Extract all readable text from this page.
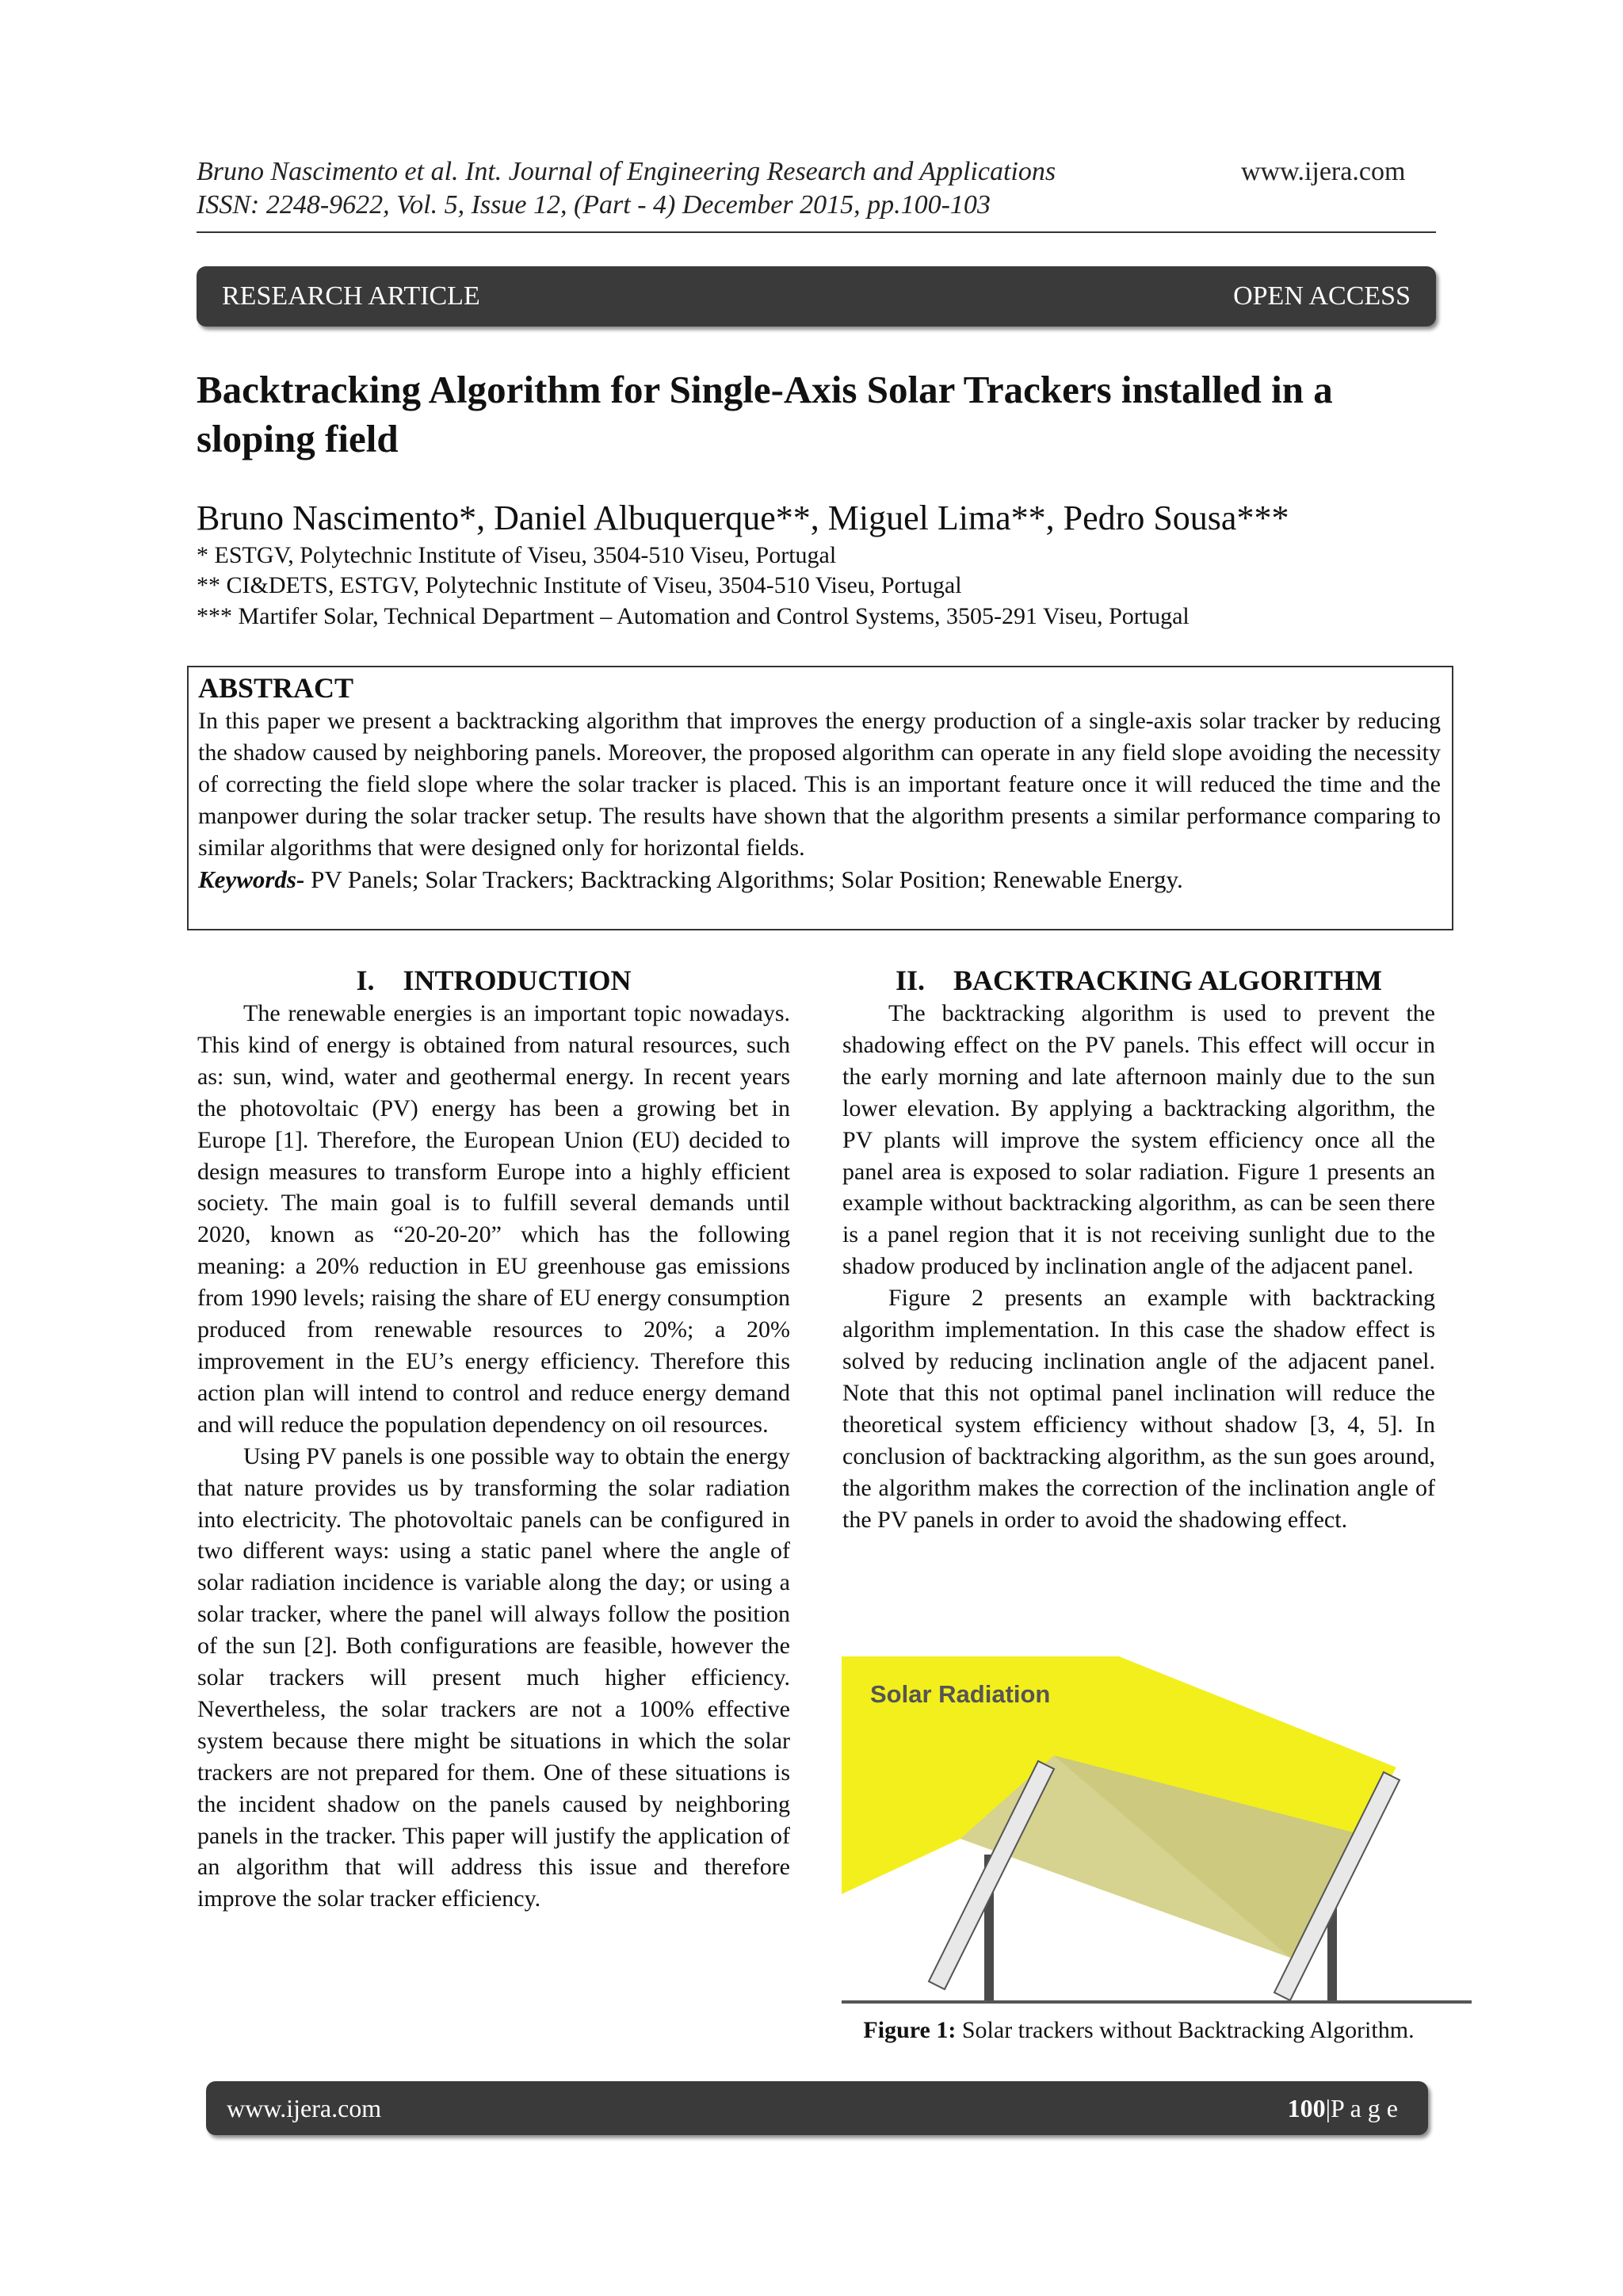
Bruno Nascimento et al. Int. Journal of Engineering Research and Applications	www.ijera.com
ISSN: 2248-9622, Vol. 5, Issue 12, (Part - 4) December 2015, pp.100-103
RESEARCH ARTICLE	OPEN ACCESS
Backtracking Algorithm for Single-Axis Solar Trackers installed in a sloping field
Bruno Nascimento*, Daniel Albuquerque**, Miguel Lima**, Pedro Sousa***
* ESTGV, Polytechnic Institute of Viseu, 3504-510 Viseu, Portugal
** CI&DETS, ESTGV, Polytechnic Institute of Viseu, 3504-510 Viseu, Portugal
*** Martifer Solar, Technical Department – Automation and Control Systems, 3505-291 Viseu, Portugal
ABSTRACT
In this paper we present a backtracking algorithm that improves the energy production of a single-axis solar tracker by reducing the shadow caused by neighboring panels. Moreover, the proposed algorithm can operate in any field slope avoiding the necessity of correcting the field slope where the solar tracker is placed. This is an important feature once it will reduced the time and the manpower during the solar tracker setup. The results have shown that the algorithm presents a similar performance comparing to similar algorithms that were designed only for horizontal fields.
Keywords- PV Panels; Solar Trackers; Backtracking Algorithms; Solar Position; Renewable Energy.
I.    INTRODUCTION

The renewable energies is an important topic nowadays. This kind of energy is obtained from natural resources, such as: sun, wind, water and geothermal energy. In recent years the photovoltaic (PV) energy has been a growing bet in Europe [1]. Therefore, the European Union (EU) decided to design measures to transform Europe into a highly efficient society. The main goal is to fulfill several demands until 2020, known as “20-20-20” which has the following meaning: a 20% reduction in EU greenhouse gas emissions from 1990 levels; raising the share of EU energy consumption produced from renewable resources to 20%; a 20% improvement in the EU’s energy efficiency. Therefore this action plan will intend to control and reduce energy demand and will reduce the population dependency on oil resources.

Using PV panels is one possible way to obtain the energy that nature provides us by transforming the solar radiation into electricity. The photovoltaic panels can be configured in two different ways: using a static panel where the angle of solar radiation incidence is variable along the day; or using a solar tracker, where the panel will always follow the position of the sun [2]. Both configurations are feasible, however the solar trackers will present much higher efficiency. Nevertheless, the solar trackers are not a 100% effective system because there might be situations in which the solar trackers are not prepared for them. One of these situations is the incident shadow on the panels caused by neighboring panels in the tracker. This paper will justify the application of an algorithm that will address this issue and therefore improve the solar tracker efficiency.

II.    BACKTRACKING ALGORITHM

The backtracking algorithm is used to prevent the shadowing effect on the PV panels. This effect will occur in the early morning and late afternoon mainly due to the sun lower elevation. By applying a backtracking algorithm, the PV plants will improve the system efficiency once all the panel area is exposed to solar radiation. Figure 1 presents an example without backtracking algorithm, as can be seen there is a panel region that it is not receiving sunlight due to the shadow produced by inclination angle of the adjacent panel.

Figure 2 presents an example with backtracking algorithm implementation. In this case the shadow effect is solved by reducing inclination angle of the adjacent panel. Note that this not optimal panel inclination will reduce the theoretical system efficiency without shadow [3, 4, 5]. In conclusion of backtracking algorithm, as the sun goes around, the algorithm makes the correction of the inclination angle of the PV panels in order to avoid the shadowing effect.

Solar Radiation
Figure 1: Solar trackers without Backtracking Algorithm.
www.ijera.com	100|P a g e
